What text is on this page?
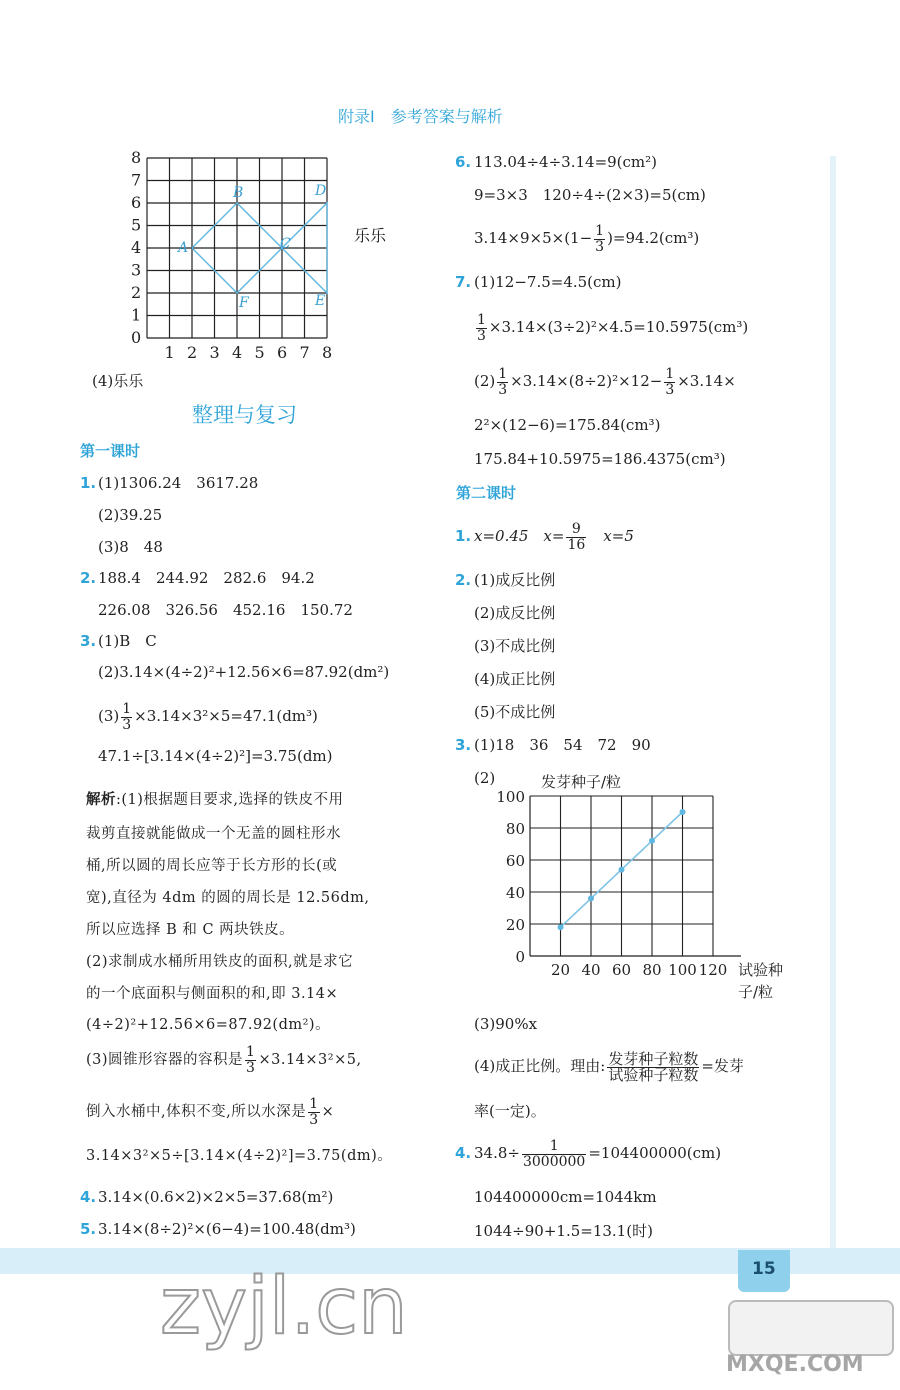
附录Ⅰ　参考答案与解析
A
B
C
D
E
F
0
1
2
3
4
5
6
7
8
1 2 3 4 5 6 7 8
乐乐
(4)乐乐
整理与复习
第一课时
1. (1)1306.24　3617.28
(2)39.25
(3)8　48
2. 188.4　244.92　282.6　94.2
226.08　326.56　452.16　150.72
3. (1)B　C
(2)3.14×(4÷2)²+12.56×6=87.92(dm²)
$(3) \frac{1}{3} \times 3.14\times 3^2\times 5=47.1(dm^3)$
47.1÷[3.14×(4÷2)²]=3.75(dm)
解析:(1)根据题目要求,选择的铁皮不用
裁剪直接就能做成一个无盖的圆柱形水
桶,所以圆的周长应等于长方形的长(或
宽),直径为 4dm 的圆的周长是 12.56dm,
所以应选择 B 和 C 两块铁皮。
(2)求制成水桶所用铁皮的面积,就是求它
的一个底面积与侧面积的和,即 3.14×
(4÷2)²+12.56×6=87.92(dm²)。
(3)圆锥形容器的容积是 $\frac{1}{3} \times 3.14\times 3^2\times 5$,
倒入水桶中,体积不变,所以水深是 $\frac{1}{3}$ ×
3.14×3²×5÷[3.14×(4÷2)²]=3.75(dm)。
4. 3.14×(0.6×2)×2×5=37.68(m²)
5. 3.14×(8÷2)²×(6−4)=100.48(dm³)
6. 113.04÷4÷3.14=9(cm²)
9=3×3　120÷4÷(2×3)=5(cm)
$3.14\times 9\times 5\times(1- \frac{1}{3} )=94.2(cm^3)$
7. (1)12−7.5=4.5(cm)
$\frac{1}{3} \times 3.14\times(3\div 2)^2\times 4.5=10.5975(cm^3)$
$(2) \frac{1}{3} \times 3.14\times(8\div 2)^2\times 12- \frac{1}{3} \times 3.14\times$
2²×(12−6)=175.84(cm³)
175.84+10.5975=186.4375(cm³)
第二课时
1. x=0.45　$x= \frac{9}{16}$ 　x=5
2. (1)成反比例
(2)成反比例
(3)不成比例
(4)成正比例
(5)不成比例
3. (1)18　36　54　72　90
(2)
0
20
40
60
80
100
20 40 60 80 100 120
发芽种子/粒
试验种
子/粒
(3)90%x
(4)成正比例。理由: $\frac{\text{发芽种子粒数}}{\text{试验种子粒数}}$ =发芽
率(一定)。
4. $34.8\div \frac{1}{3000000} =104400000(cm)$
104400000cm=1044km
1044÷90+1.5=13.1(时)
15
zyjl.cn
MXQE.COM
